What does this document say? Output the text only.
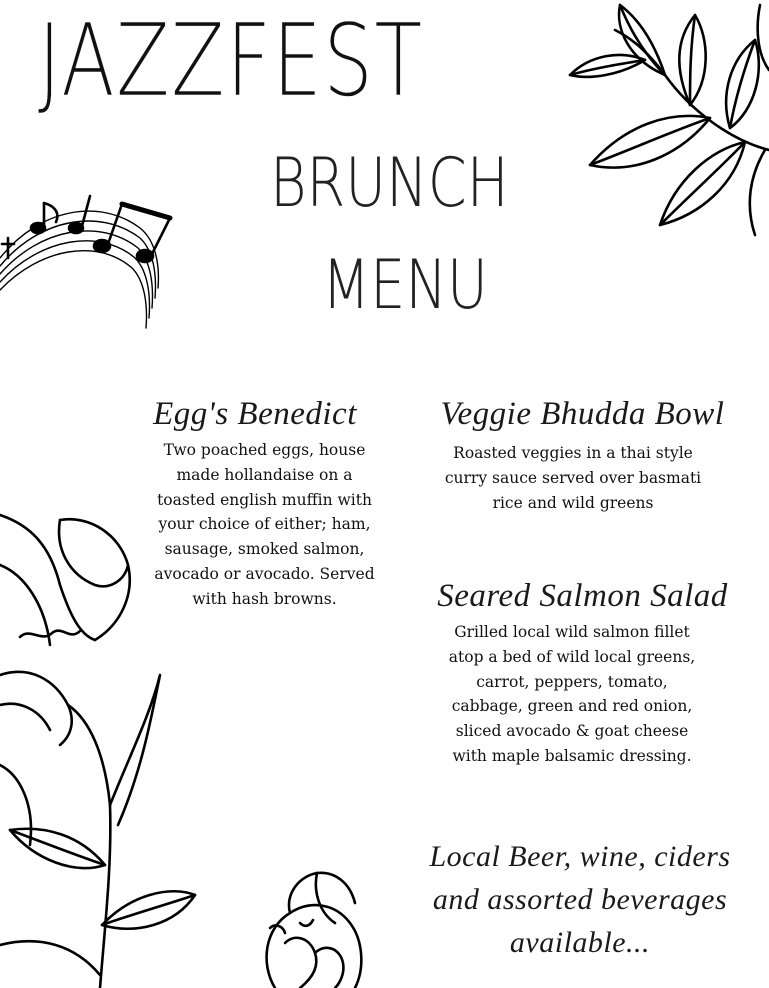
JAZZFEST
BRUNCH
MENU
Egg's Benedict
Two poached eggs, house made hollandaise on a toasted english muffin with your choice of either; ham, sausage, smoked salmon, avocado or avocado. Served with hash browns.
Veggie Bhudda Bowl
Roasted veggies in a thai style curry sauce served over basmati rice and wild greens
Seared Salmon Salad
Grilled local wild salmon fillet atop a bed of wild local greens, carrot, peppers, tomato, cabbage, green and red onion, sliced avocado & goat cheese with maple balsamic dressing.
Local Beer, wine, ciders and assorted beverages available...
